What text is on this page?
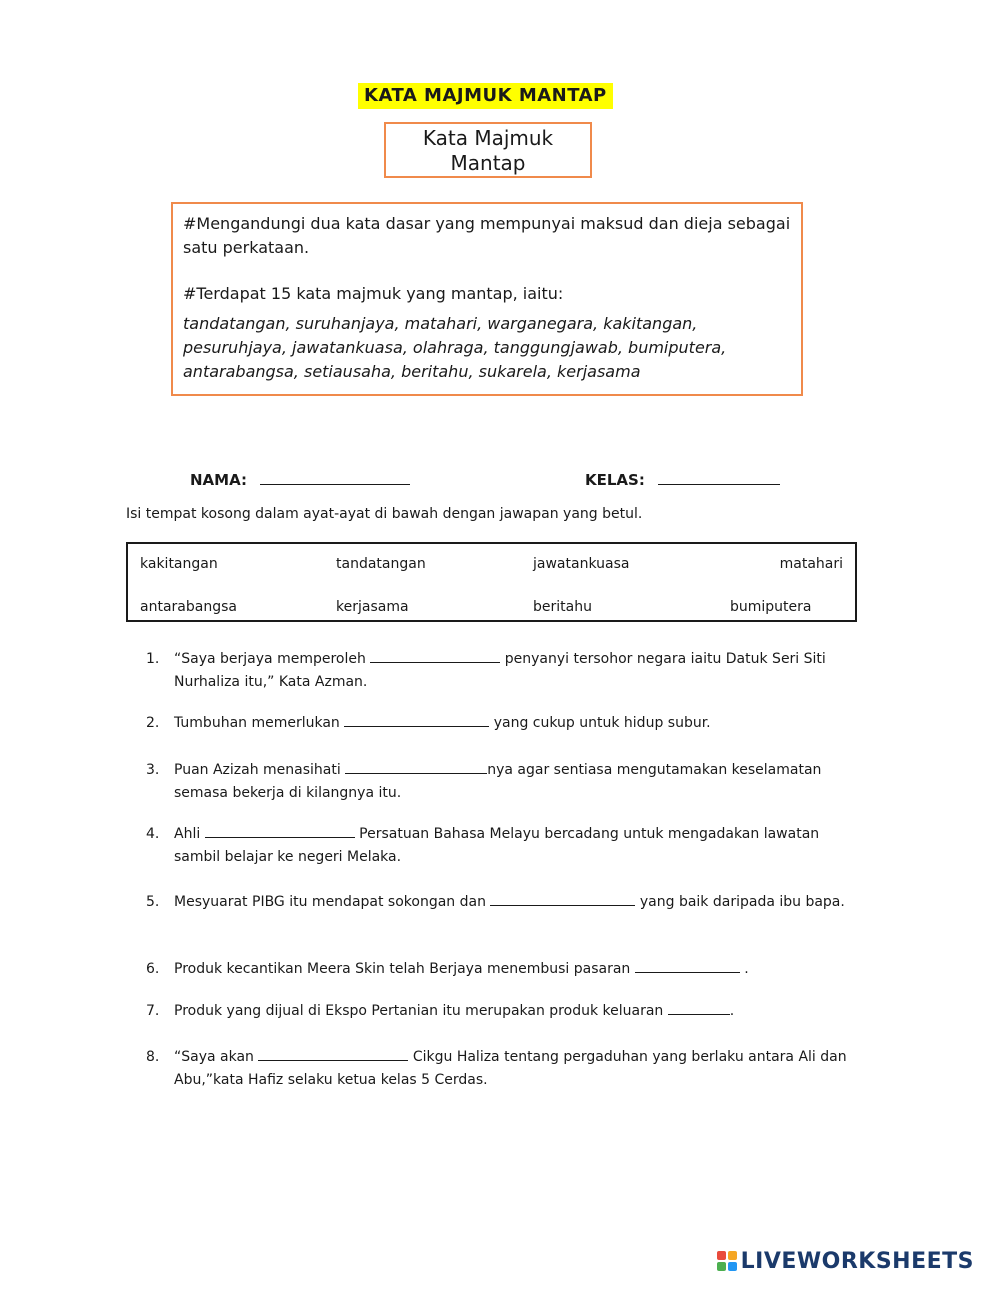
KATA MAJMUK MANTAP
Kata Majmuk
Mantap

#Mengandungi dua kata dasar yang mempunyai maksud dan dieja sebagai satu perkataan.

#Terdapat 15 kata majmuk yang mantap, iaitu:

tandatangan, suruhanjaya, matahari, warganegara, kakitangan, pesuruhjaya, jawatankuasa, olahraga, tanggungjawab, bumiputera, antarabangsa, setiausaha, beritahu, sukarela, kerjasama

NAMA:	KELAS:
Isi tempat kosong dalam ayat-ayat di bawah dengan jawapan yang betul.
kakitangan	tandatangan	jawatankuasa	matahari
antarabangsa	kerjasama	beritahu	bumiputera
1.	“Saya berjaya memperoleh	penyanyi tersohor negara iaitu Datuk Seri Siti Nurhaliza itu,” Kata Azman.
2.	Tumbuhan memerlukan	yang cukup untuk hidup subur.
3.	Puan Azizah menasihati	nya agar sentiasa mengutamakan keselamatan semasa bekerja di kilangnya itu.
4.	Ahli	Persatuan Bahasa Melayu bercadang untuk mengadakan lawatan sambil belajar ke negeri Melaka.
5.	Mesyuarat PIBG itu mendapat sokongan dan	yang baik daripada ibu bapa.
6.	Produk kecantikan Meera Skin telah Berjaya menembusi pasaran	.
7.	Produk yang dijual di Ekspo Pertanian itu merupakan produk keluaran	.
8.	“Saya akan	Cikgu Haliza tentang pergaduhan yang berlaku antara Ali dan Abu,”kata Hafiz selaku ketua kelas 5 Cerdas.
LIVEWORKSHEETS
